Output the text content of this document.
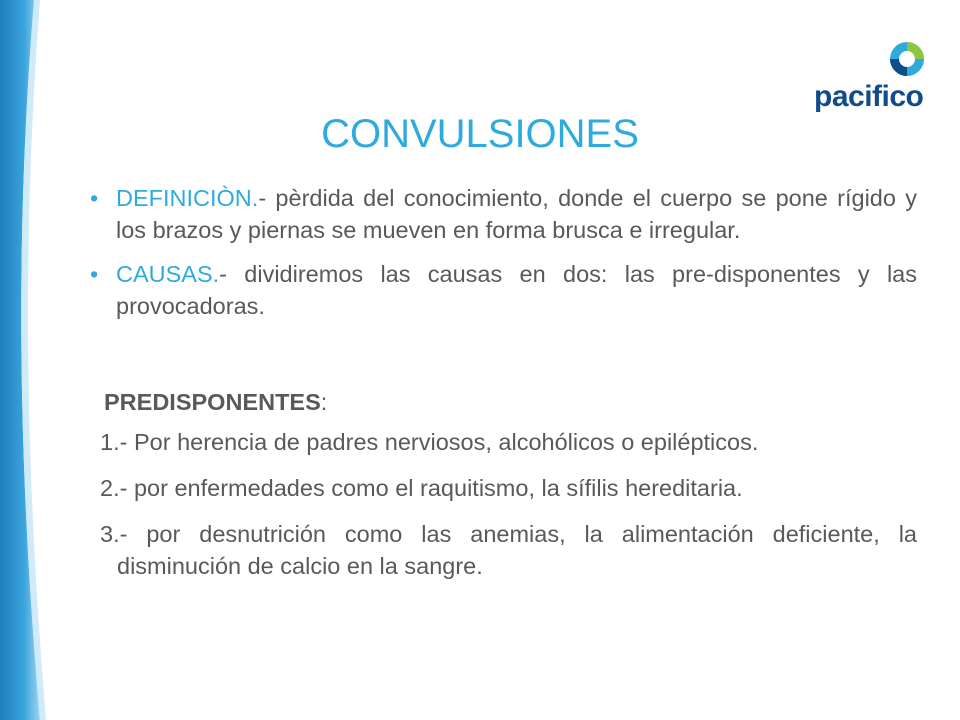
pacifico
CONVULSIONES
• DEFINICIÒN.- pèrdida del conocimiento, donde el cuerpo se pone rígido y los brazos y piernas se mueven en forma brusca e irregular.
• CAUSAS.- dividiremos las causas en dos: las pre-disponentes y las provocadoras.
PREDISPONENTES:
1.- Por herencia de padres nerviosos, alcohólicos o epilépticos.
2.- por enfermedades como el raquitismo, la sífilis hereditaria.
3.- por desnutrición como las anemias, la alimentación deficiente, la disminución de calcio en la sangre.
